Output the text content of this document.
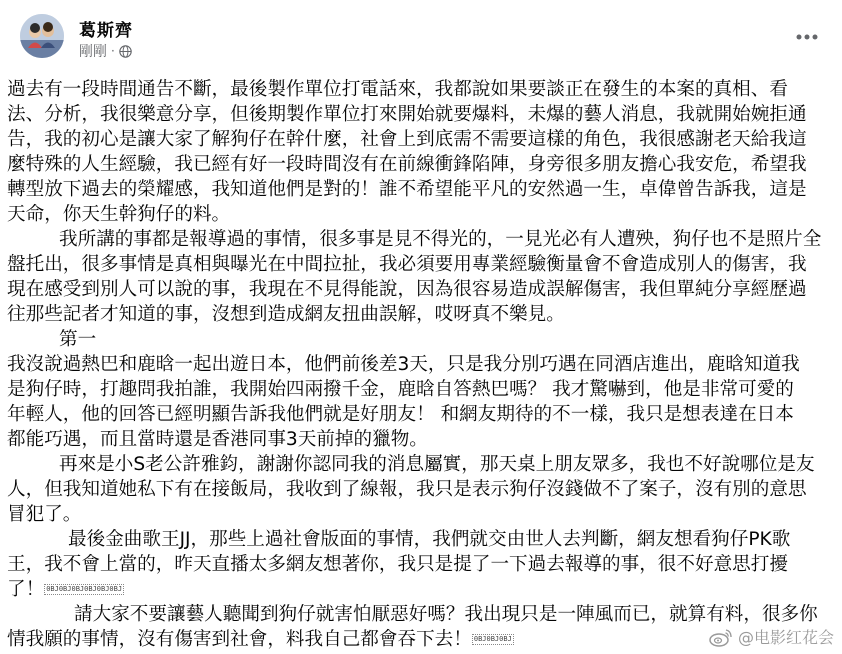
葛斯齊
剛剛 ·

過去有一段時間通告不斷，最後製作單位打電話來，我都說如果要談正在發生的本案的真相、看
法、分析，我很樂意分享，但後期製作單位打來開始就要爆料，未爆的藝人消息，我就開始婉拒通
告，我的初心是讓大家了解狗仔在幹什麼，社會上到底需不需要這樣的角色，我很感謝老天給我這
麼特殊的人生經驗，我已經有好一段時間沒有在前線衝鋒陷陣，身旁很多朋友擔心我安危，希望我
轉型放下過去的榮耀感，我知道他們是對的！誰不希望能平凡的安然過一生，卓偉曾告訴我，這是
天命，你天生幹狗仔的料。

我所講的事都是報導過的事情，很多事是見不得光的，一見光必有人遭殃，狗仔也不是照片全
盤托出，很多事情是真相與曝光在中間拉扯，我必須要用專業經驗衡量會不會造成別人的傷害，我
現在感受到別人可以說的事，我現在不見得能說，因為很容易造成誤解傷害，我但單純分享經歷過
往那些記者才知道的事，沒想到造成網友扭曲誤解，哎呀真不樂見。

第一

我沒說過熱巴和鹿晗一起出遊日本，他們前後差3天，只是我分別巧遇在同酒店進出，鹿晗知道我
是狗仔時，打趣問我拍誰，我開始四兩撥千金，鹿晗自答熱巴嗎？ 我才驚嚇到，他是非常可愛的
年輕人，他的回答已經明顯告訴我他們就是好朋友！ 和網友期待的不一樣，我只是想表達在日本
都能巧遇，而且當時還是香港同事3天前掉的獵物。

再來是小S老公許雅鈞，謝謝你認同我的消息屬實，那天桌上朋友眾多，我也不好說哪位是友
人，但我知道她私下有在接飯局，我收到了線報，我只是表示狗仔沒錢做不了案子，沒有別的意思
冒犯了。

最後金曲歌王JJ，那些上過社會版面的事情，我們就交由世人去判斷，網友想看狗仔PK歌
王，我不會上當的，昨天直播太多網友想著你，我只是提了一下過去報導的事，很不好意思打擾
了！ 0BJ0BJ0BJ0BJ0BJ0BJ

請大家不要讓藝人聽聞到狗仔就害怕厭惡好嗎？我出現只是一陣風而已，就算有料，很多你
情我願的事情，沒有傷害到社會，料我自己都會吞下去！ 0BJ0BJ0BJ	@电影红花会
